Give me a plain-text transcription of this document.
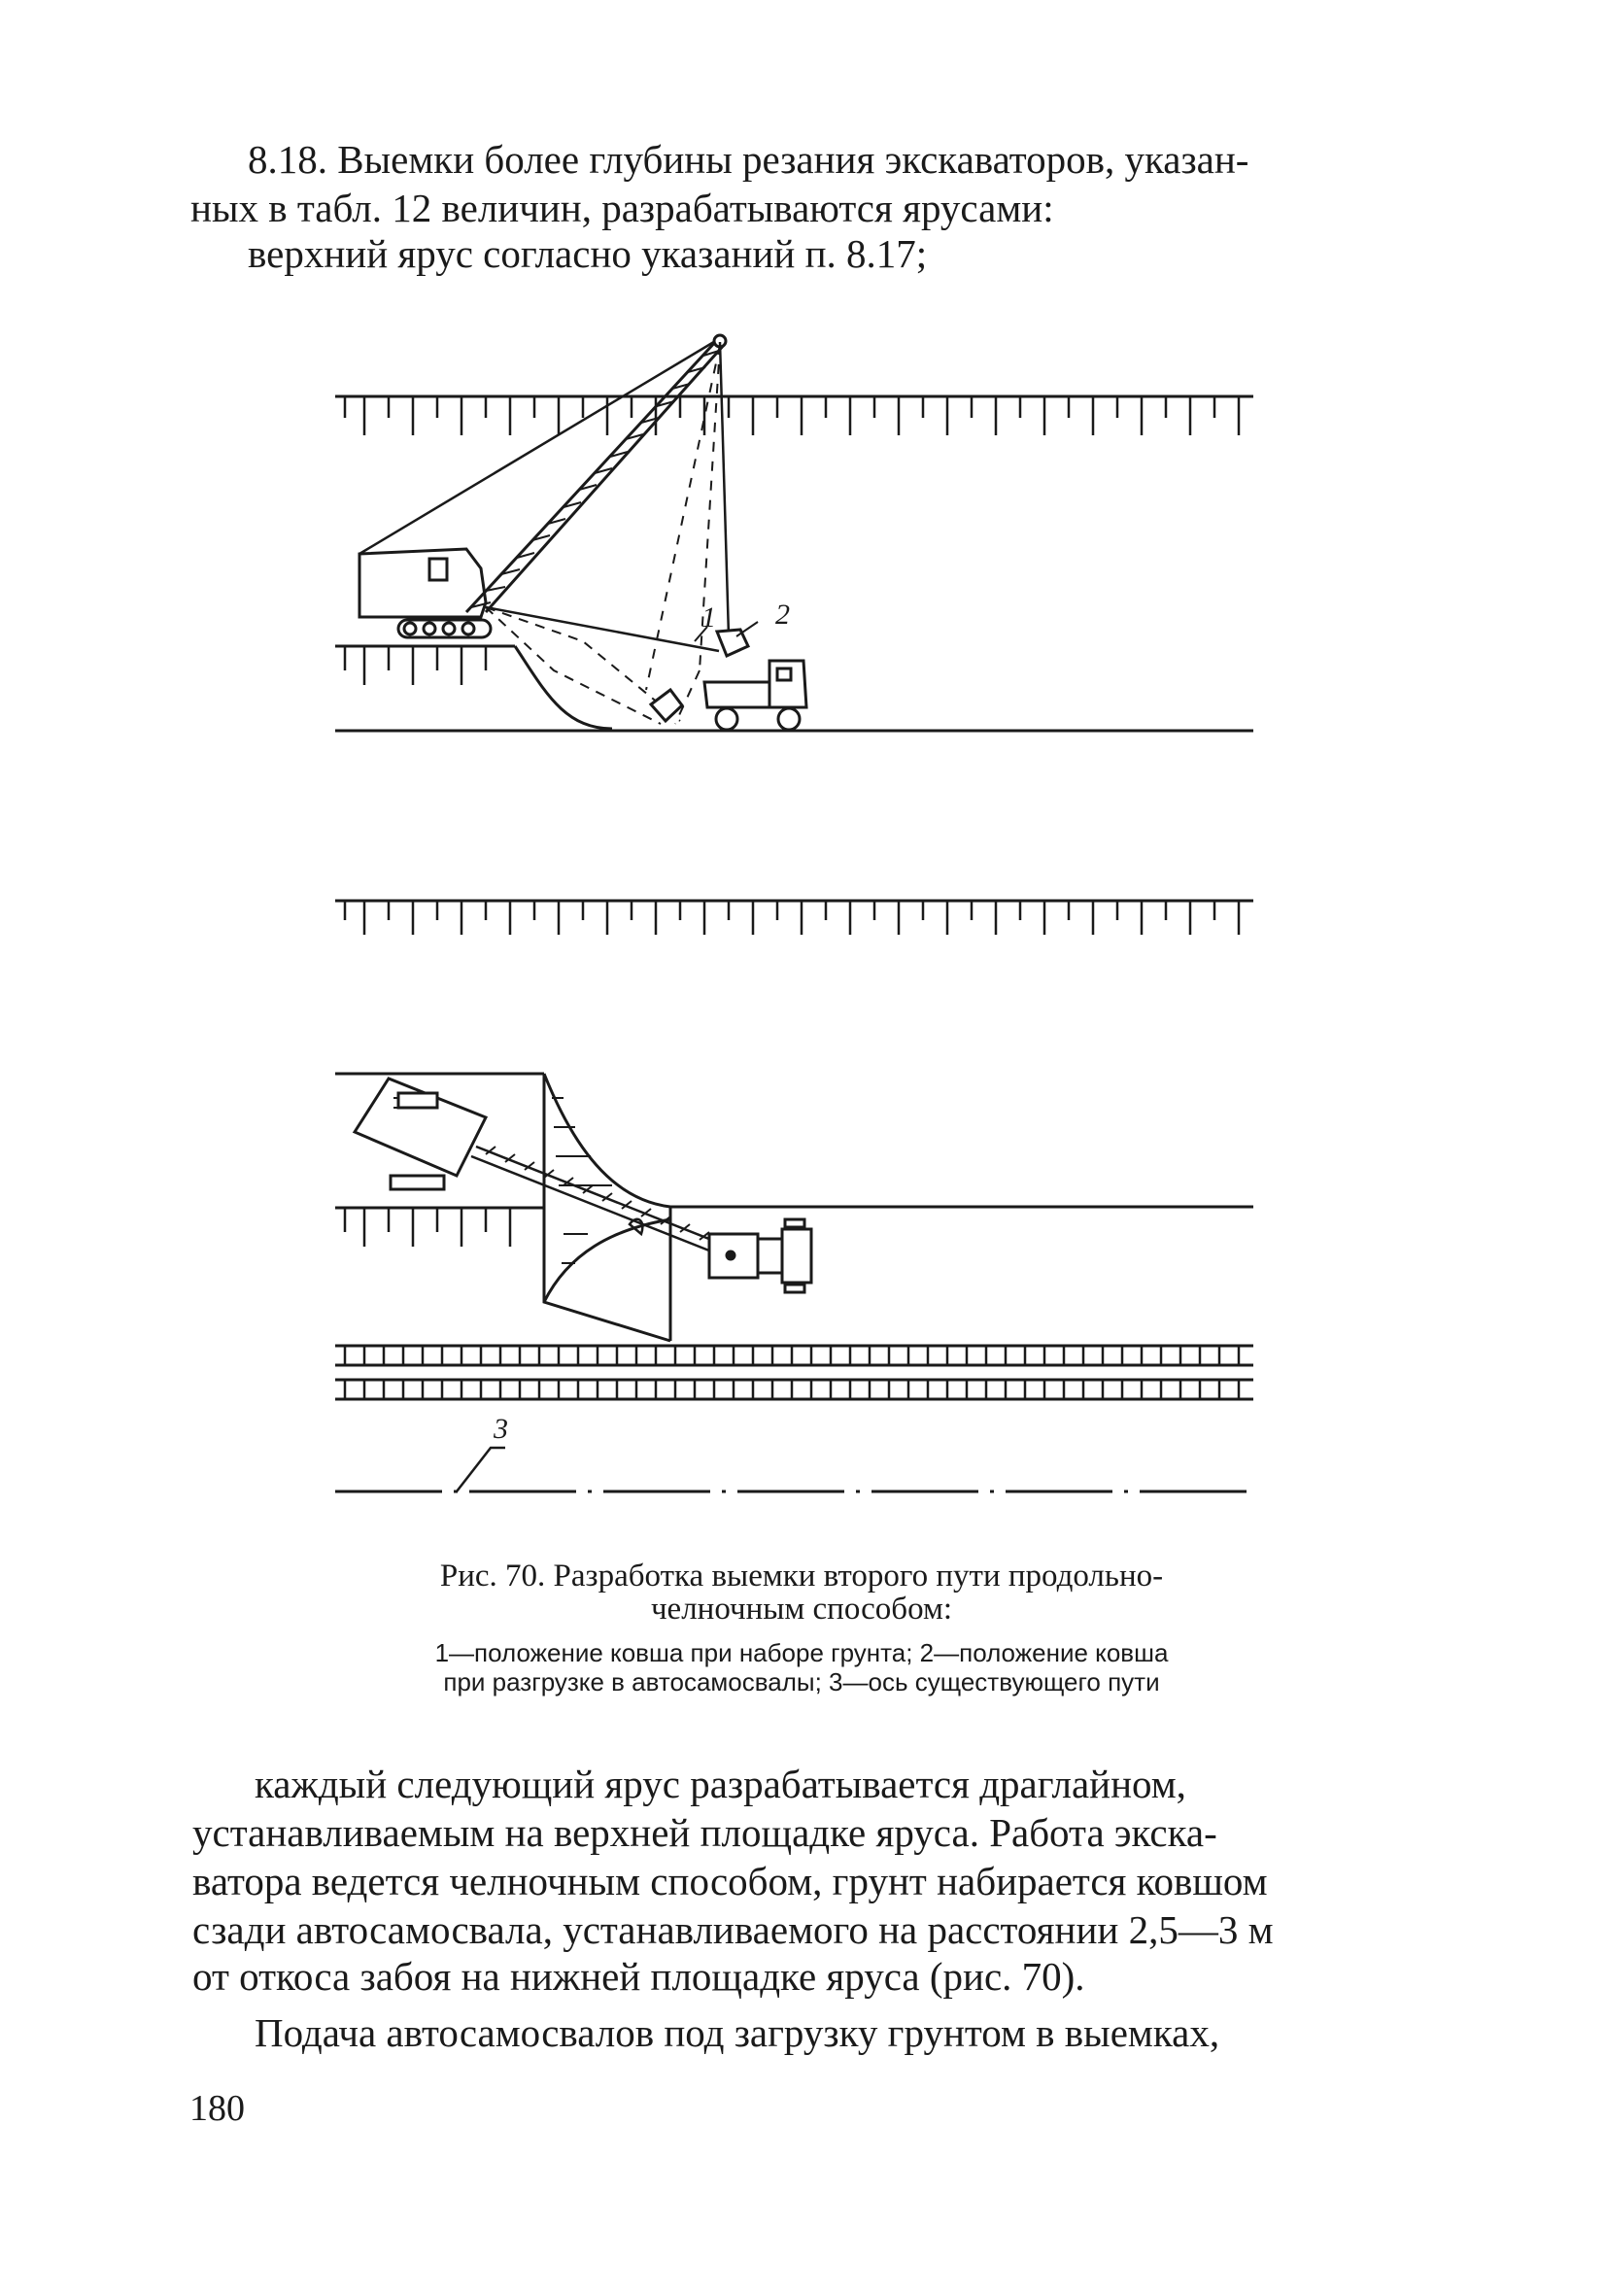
8.18. Выемки более глубины резания экскаваторов, указан-
ных в табл. 12 величин, разрабатываются ярусами:
верхний ярус согласно указаний п. 8.17;
1 2
3
Рис. 70. Разработка выемки второго пути продольно-
челночным способом:
1—положение ковша при наборе грунта; 2—положение ковша
при разгрузке в автосамосвалы; 3—ось существующего пути
каждый следующий ярус разрабатывается драглайном,
устанавливаемым на верхней площадке яруса. Работа экска-
ватора ведется челночным способом, грунт набирается ковшом
сзади автосамосвала, устанавливаемого на расстоянии 2,5—3 м
от откоса забоя на нижней площадке яруса (рис. 70).
Подача автосамосвалов под загрузку грунтом в выемках,
180
